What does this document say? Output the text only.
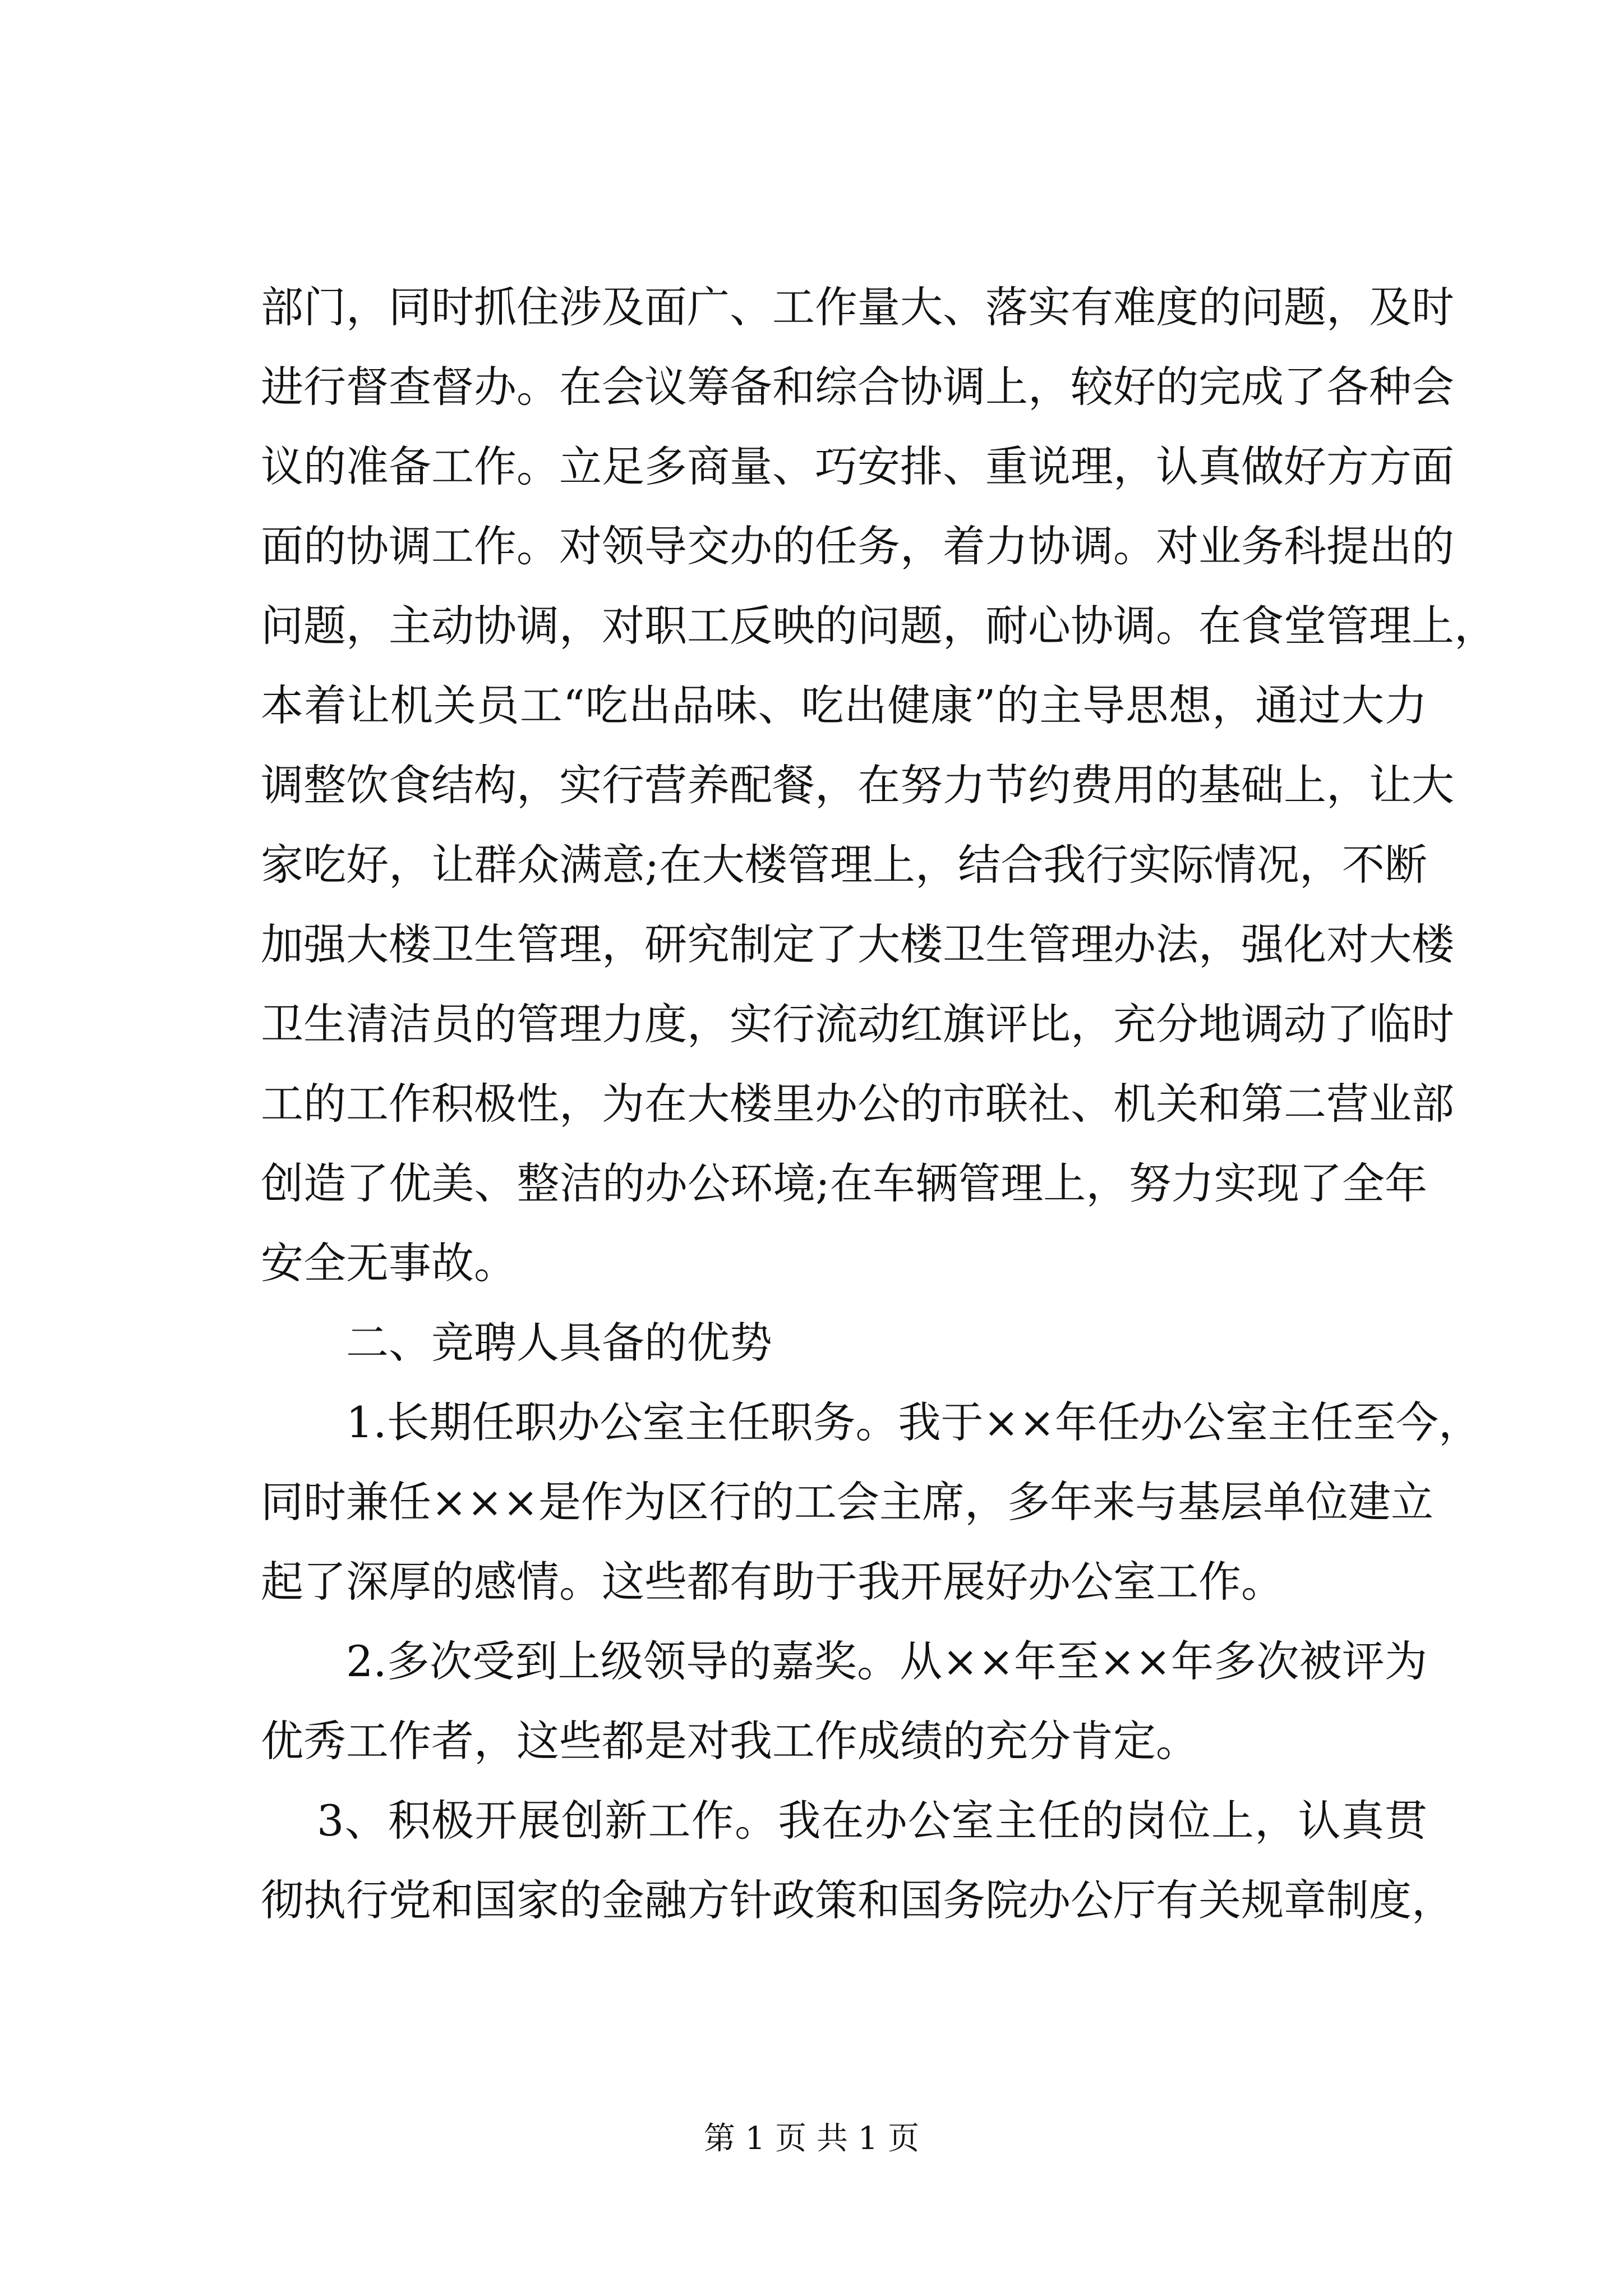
部门，同时抓住涉及面广、工作量大、落实有难度的问题，及时
进行督查督办。在会议筹备和综合协调上，较好的完成了各种会
议的准备工作。立足多商量、巧安排、重说理，认真做好方方面
面的协调工作。对领导交办的任务，着力协调。对业务科提出的
问题，主动协调，对职工反映的问题，耐心协调。在食堂管理上，
本着让机关员工“吃出品味、吃出健康”的主导思想，通过大力
调整饮食结构，实行营养配餐，在努力节约费用的基础上，让大
家吃好，让群众满意;在大楼管理上，结合我行实际情况，不断
加强大楼卫生管理，研究制定了大楼卫生管理办法，强化对大楼
卫生清洁员的管理力度，实行流动红旗评比，充分地调动了临时
工的工作积极性，为在大楼里办公的市联社、机关和第二营业部
创造了优美、整洁的办公环境;在车辆管理上，努力实现了全年
安全无事故。
二、竞聘人具备的优势
1.长期任职办公室主任职务。我于××年任办公室主任至今，
同时兼任×××是作为区行的工会主席，多年来与基层单位建立
起了深厚的感情。这些都有助于我开展好办公室工作。
2.多次受到上级领导的嘉奖。从××年至××年多次被评为
优秀工作者，这些都是对我工作成绩的充分肯定。
3、积极开展创新工作。我在办公室主任的岗位上，认真贯
彻执行党和国家的金融方针政策和国务院办公厅有关规章制度，
第 1 页 共 1 页
